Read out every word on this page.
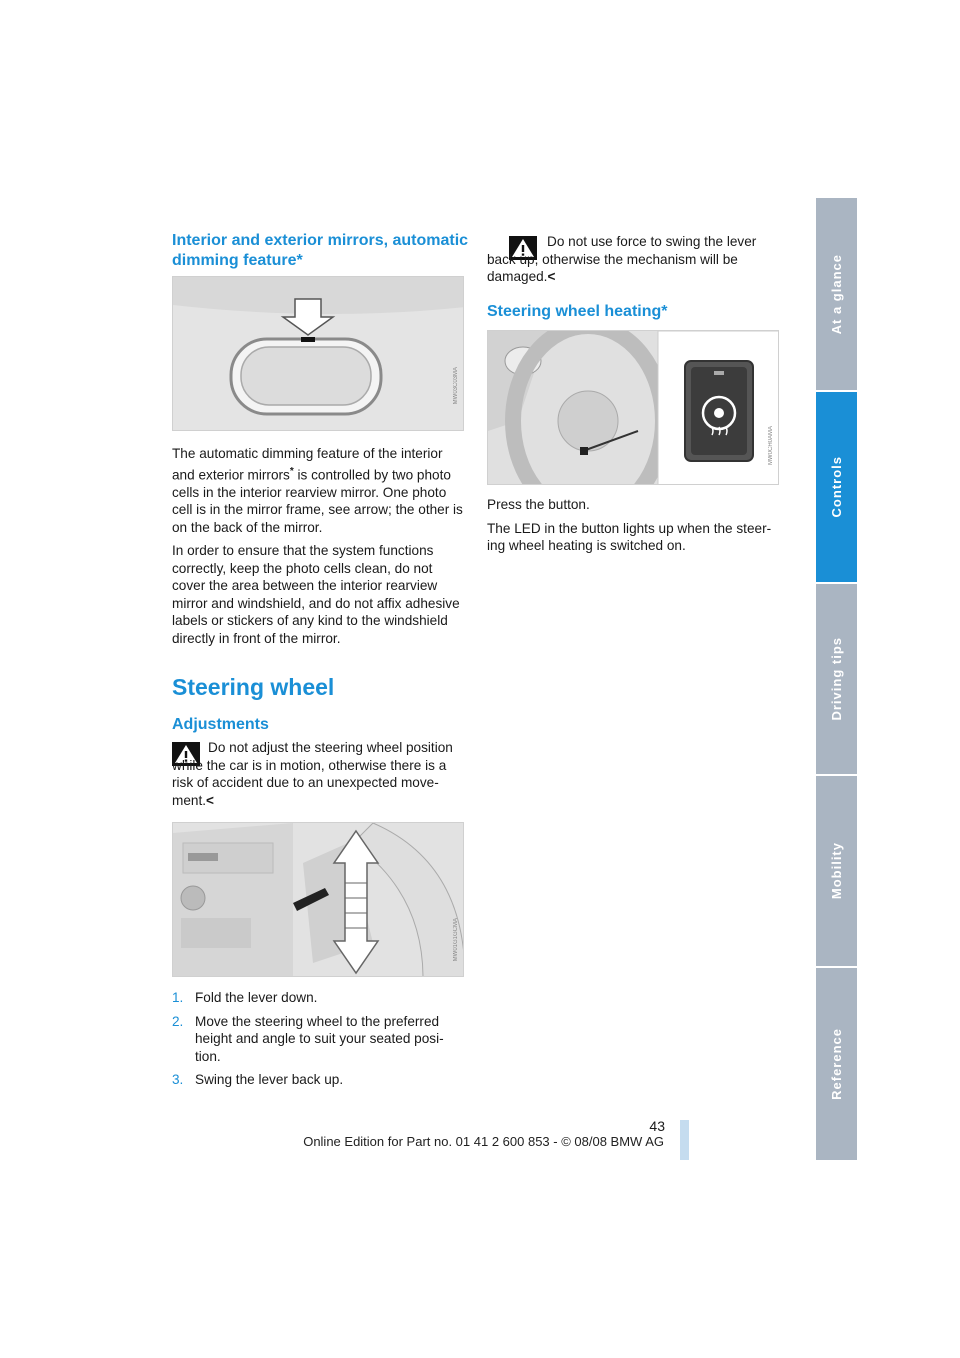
Interior and exterior mirrors, automatic dimming feature*
MW03C03MA

The automatic dimming feature of the interior and exterior mirrors* is controlled by two photo cells in the interior rearview mirror. One photo cell is in the mirror frame, see arrow; the other is on the back of the mirror.

In order to ensure that the system functions correctly, keep the photo cells clean, do not cover the area between the interior rearview mirror and windshield, and do not affix adhesive labels or stickers of any kind to the windshield directly in front of the mirror.

Steering wheel
Adjustments
Do not adjust the steering wheel position while the car is in motion, otherwise there is a risk of accident due to an unexpected move-ment.<
MW01G1GCMA
1. Fold the lever down.
2. Move the steering wheel to the preferred height and angle to suit your seated posi-tion.
3. Swing the lever back up.
Do not use force to swing the lever back up, otherwise the mechanism will be damaged.<
Steering wheel heating*
MW0CH0AMA

Press the button.

The LED in the button lights up when the steer-ing wheel heating is switched on.

At a glance
Controls
Driving tips
Mobility
Reference
43
Online Edition for Part no. 01 41 2 600 853 - © 08/08 BMW AG
